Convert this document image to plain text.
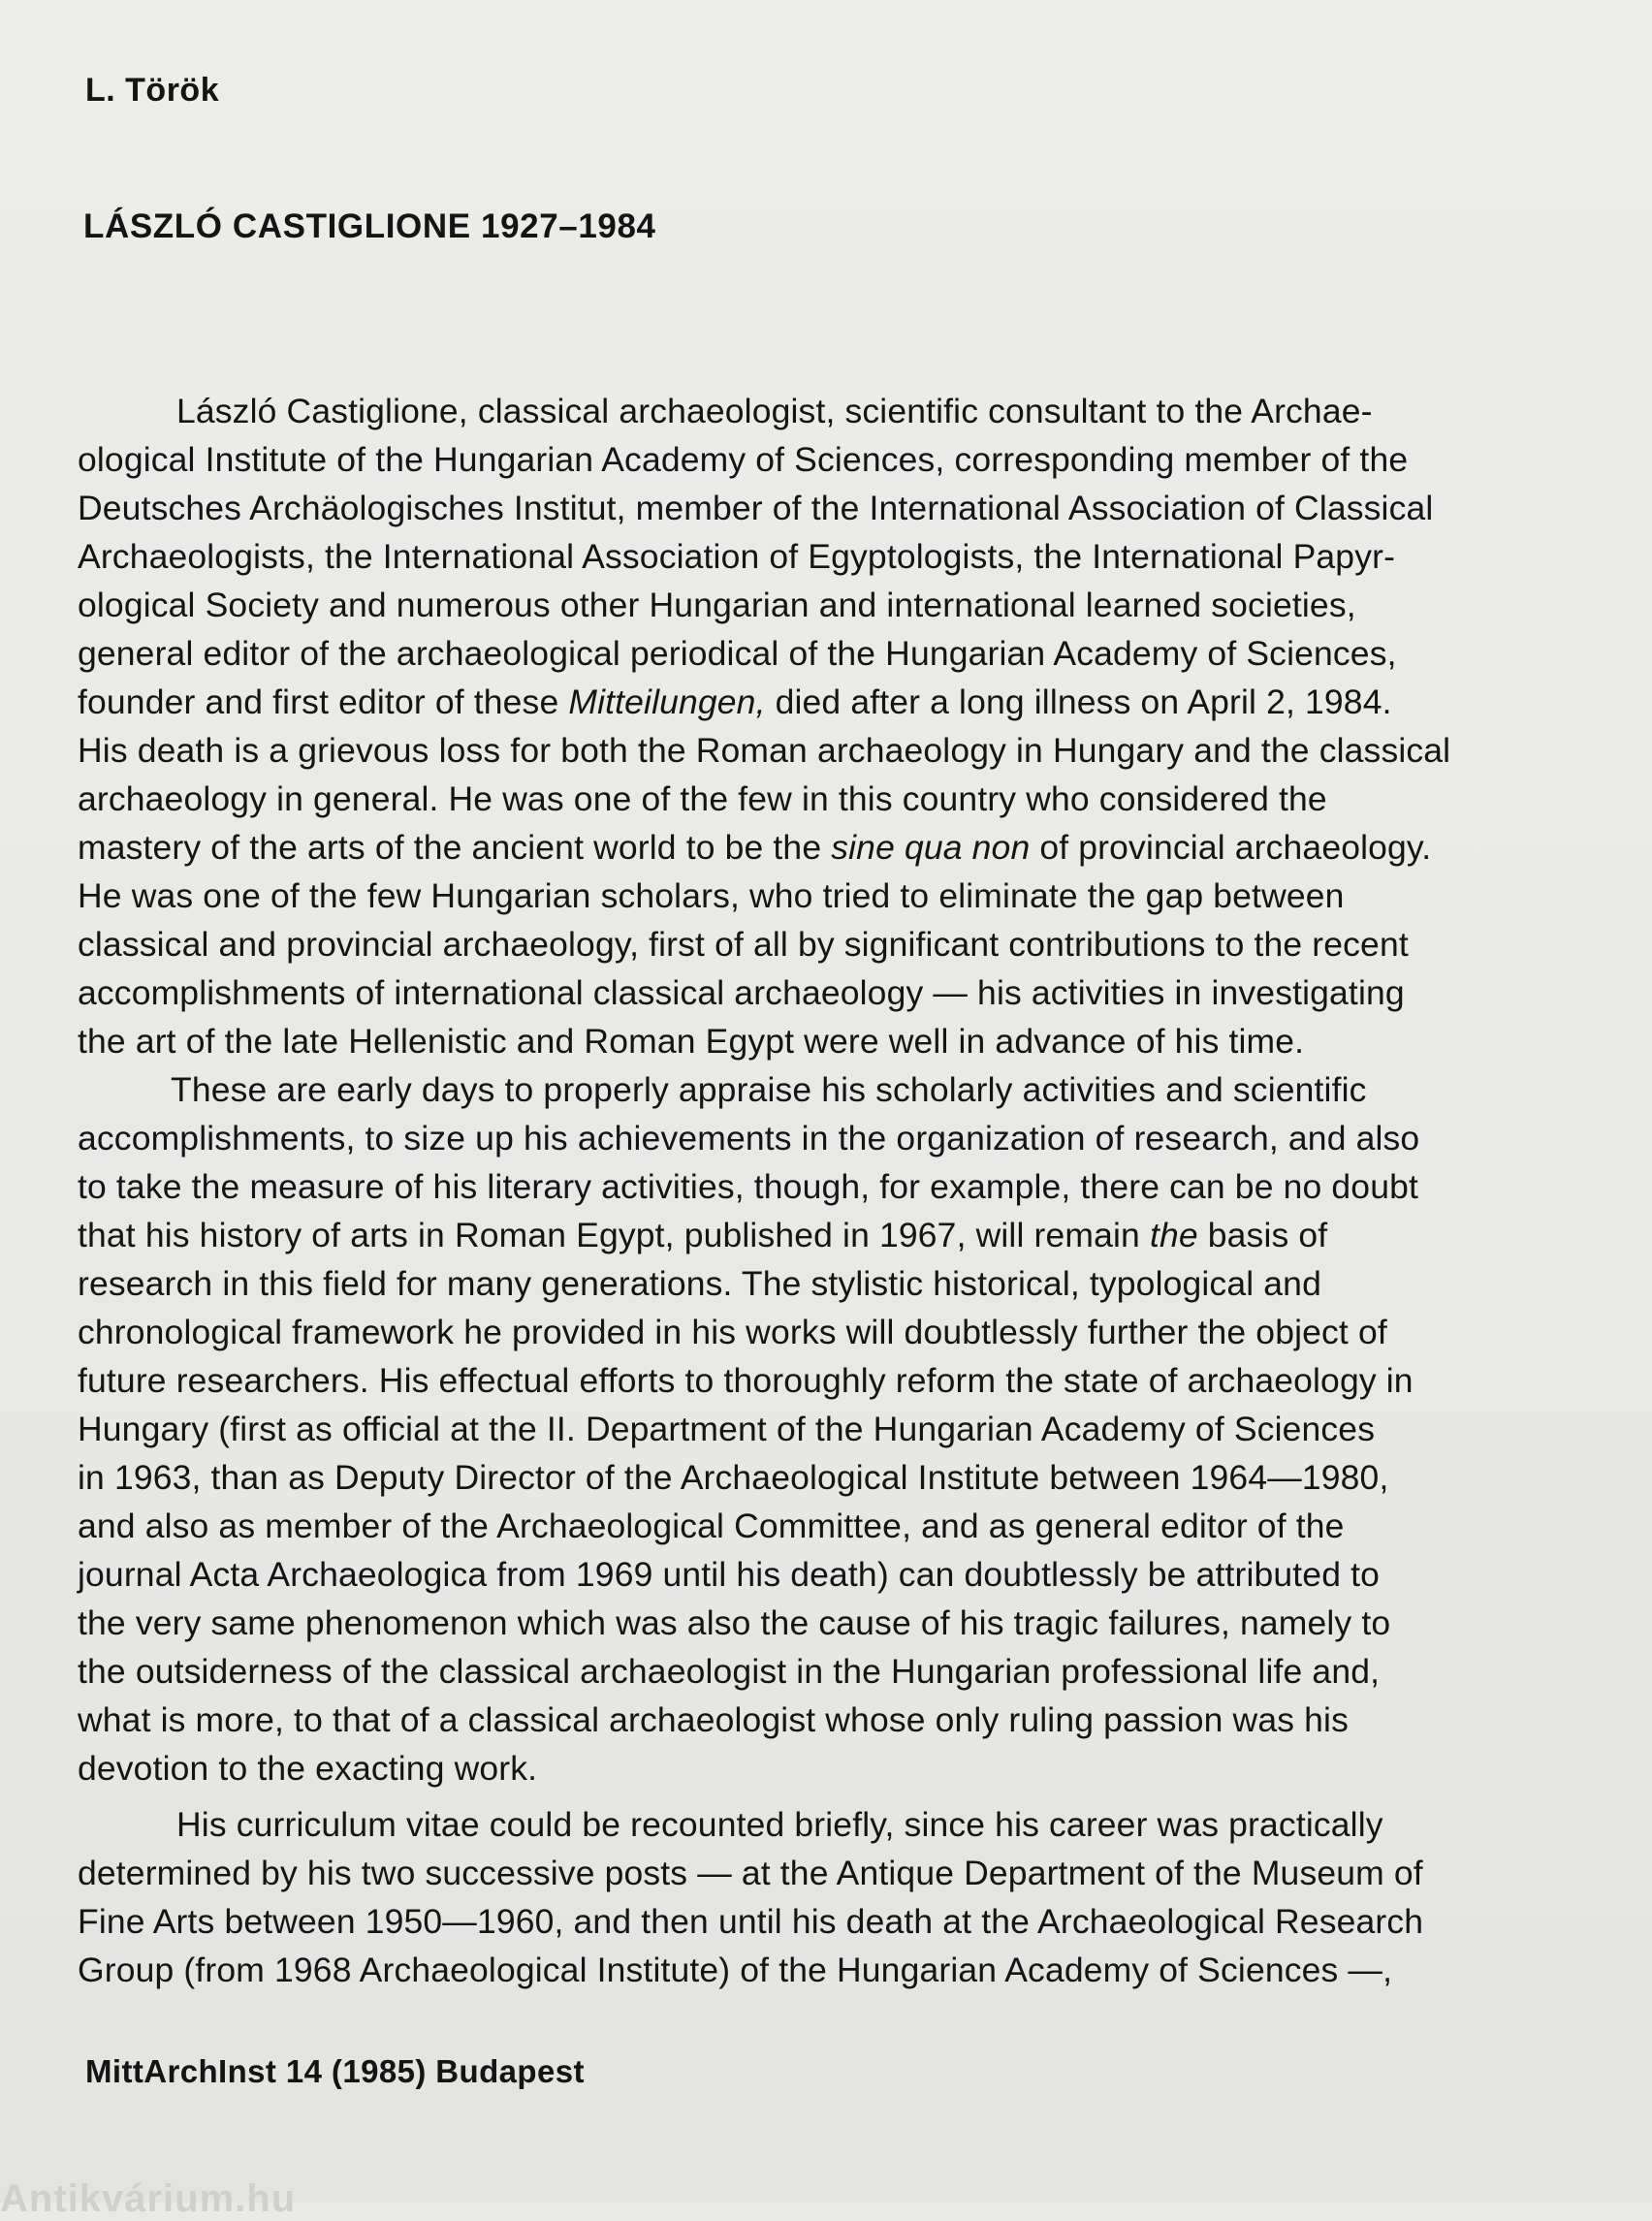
L. Török
LÁSZLÓ CASTIGLIONE 1927–1984
László Castiglione, classical archaeologist, scientific consultant to the Archae-
ological Institute of the Hungarian Academy of Sciences, corresponding member of the
Deutsches Archäologisches Institut, member of the International Association of Classical
Archaeologists, the International Association of Egyptologists, the International Papyr-
ological Society and numerous other Hungarian and international learned societies,
general editor of the archaeological periodical of the Hungarian Academy of Sciences,
founder and first editor of these Mitteilungen, died after a long illness on April 2, 1984.
His death is a grievous loss for both the Roman archaeology in Hungary and the classical
archaeology in general. He was one of the few in this country who considered the
mastery of the arts of the ancient world to be the sine qua non of provincial archaeology.
He was one of the few Hungarian scholars, who tried to eliminate the gap between
classical and provincial archaeology, first of all by significant contributions to the recent
accomplishments of international classical archaeology — his activities in investigating
the art of the late Hellenistic and Roman Egypt were well in advance of his time.
These are early days to properly appraise his scholarly activities and scientific
accomplishments, to size up his achievements in the organization of research, and also
to take the measure of his literary activities, though, for example, there can be no doubt
that his history of arts in Roman Egypt, published in 1967, will remain the basis of
research in this field for many generations. The stylistic historical, typological and
chronological framework he provided in his works will doubtlessly further the object of
future researchers. His effectual efforts to thoroughly reform the state of archaeology in
Hungary (first as official at the II. Department of the Hungarian Academy of Sciences
in 1963, than as Deputy Director of the Archaeological Institute between 1964—1980,
and also as member of the Archaeological Committee, and as general editor of the
journal Acta Archaeologica from 1969 until his death) can doubtlessly be attributed to
the very same phenomenon which was also the cause of his tragic failures, namely to
the outsiderness of the classical archaeologist in the Hungarian professional life and,
what is more, to that of a classical archaeologist whose only ruling passion was his
devotion to the exacting work.
His curriculum vitae could be recounted briefly, since his career was practically
determined by his two successive posts — at the Antique Department of the Museum of
Fine Arts between 1950—1960, and then until his death at the Archaeological Research
Group (from 1968 Archaeological Institute) of the Hungarian Academy of Sciences —,
MittArchInst 14 (1985) Budapest
Antikvárium.hu
